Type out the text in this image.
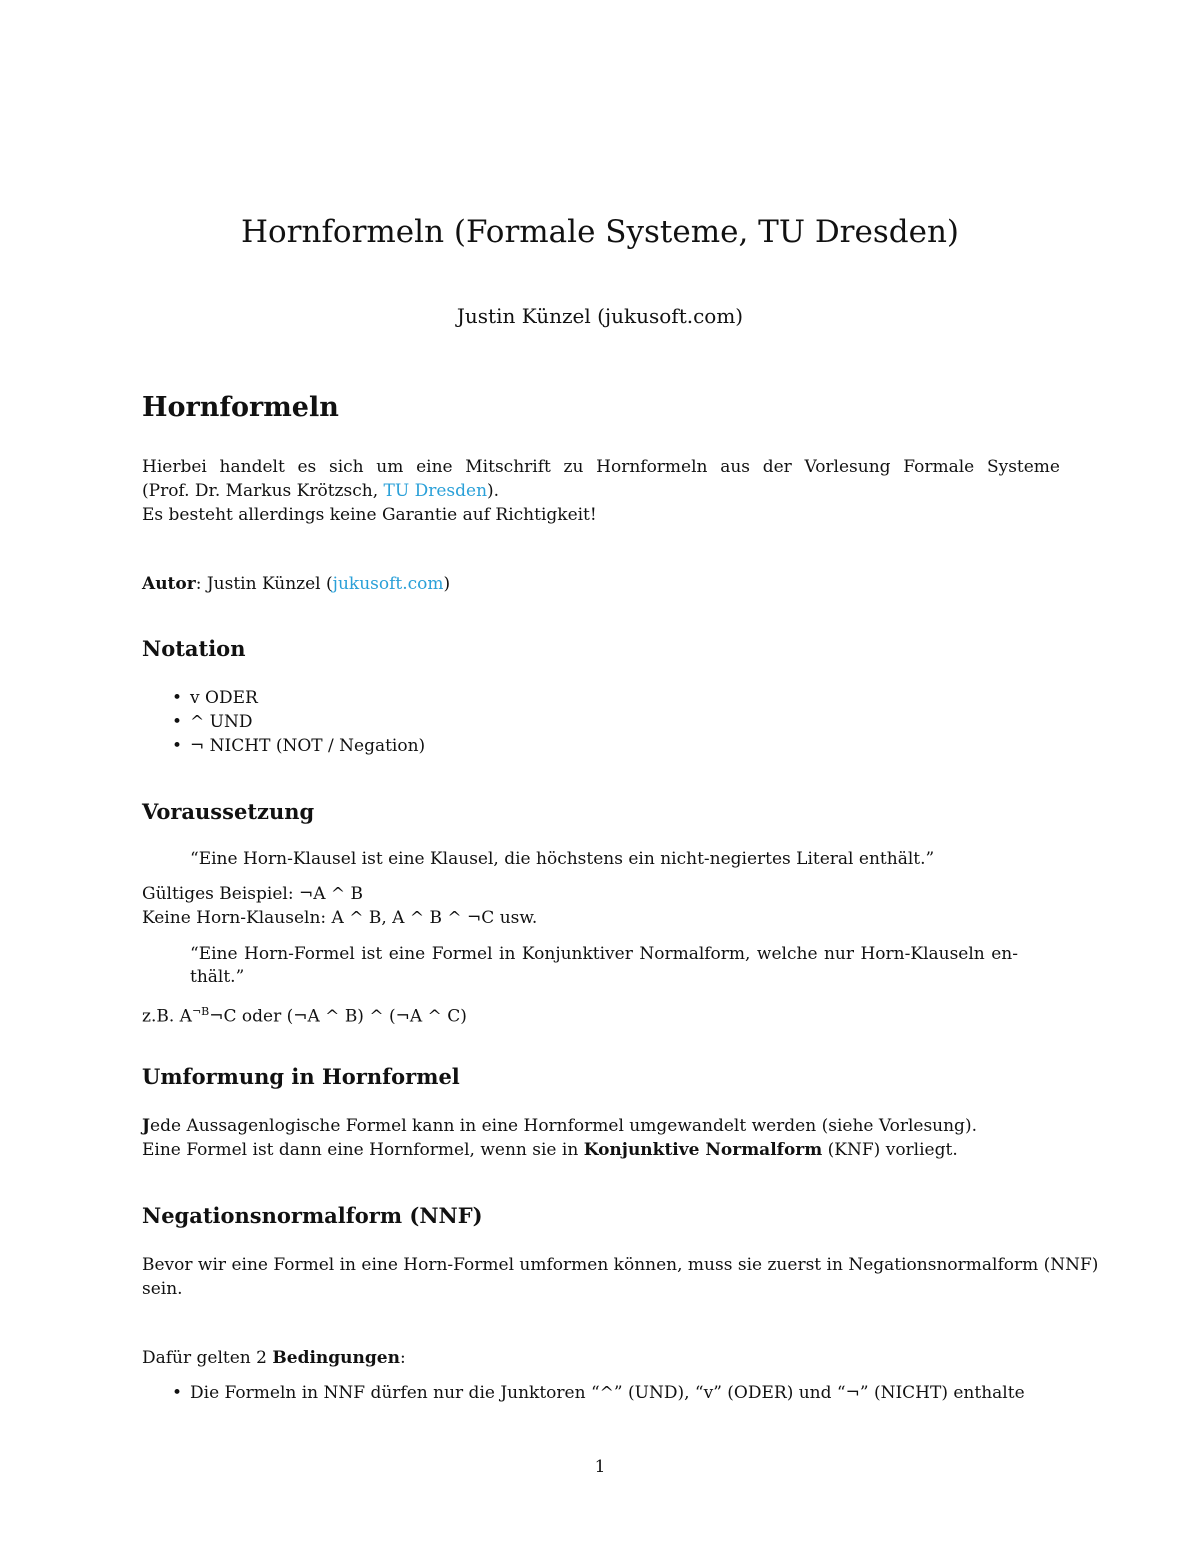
Hornformeln (Formale Systeme, TU Dresden)
Justin Künzel (jukusoft.com)
Hornformeln
Hierbei handelt es sich um eine Mitschrift zu Hornformeln aus der Vorlesung Formale Systeme
(Prof. Dr. Markus Krötzsch, TU Dresden).
Es besteht allerdings keine Garantie auf Richtigkeit!
Autor: Justin Künzel (jukusoft.com)
Notation
• v ODER
• ^ UND
• ¬ NICHT (NOT / Negation)
Voraussetzung
“Eine Horn-Klausel ist eine Klausel, die höchstens ein nicht-negiertes Literal enthält.”
Gültiges Beispiel: ¬A ^ B
Keine Horn-Klauseln: A ^ B, A ^ B ^ ¬C usw.
“Eine Horn-Formel ist eine Formel in Konjunktiver Normalform, welche nur Horn-Klauseln en-
thält.”
z.B. $A^{\neg B}\neg C$ oder (¬A ^ B) ^ (¬A ^ C)
Umformung in Hornformel
Jede Aussagenlogische Formel kann in eine Hornformel umgewandelt werden (siehe Vorlesung).
Eine Formel ist dann eine Hornformel, wenn sie in Konjunktive Normalform (KNF) vorliegt.
Negationsnormalform (NNF)
Bevor wir eine Formel in eine Horn-Formel umformen können, muss sie zuerst in Negationsnormalform (NNF)
sein.
Dafür gelten 2 Bedingungen:
• Die Formeln in NNF dürfen nur die Junktoren “^” (UND), “v” (ODER) und “¬” (NICHT) enthalte
1
